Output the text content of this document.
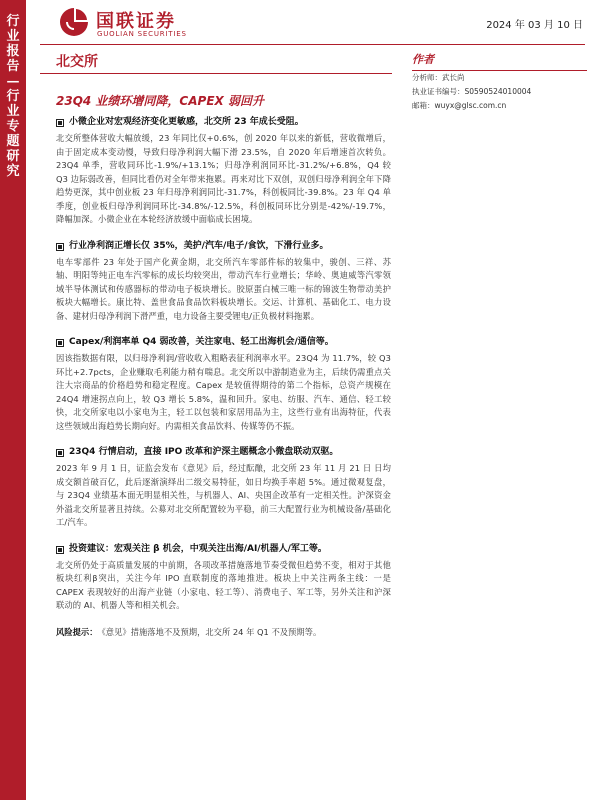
行业报告—行业专题研究
国联证券
GUOLIAN SECURITIES
2024 年 03 月 10 日
北交所
23Q4 业绩环增同降，CAPEX 弱回升
作者
分析师：武长尚
执业证书编号：S0590524010004
邮箱：wuyx@glsc.com.cn
小微企业对宏观经济变化更敏感，北交所 23 年成长受阻。
北交所整体营收大幅放缓，23 年同比仅+0.6%，创 2020 年以来的新低，营收微增后，由于固定成本变动慢，导致归母净利润大幅下滑 23.5%，自 2020 年后增速首次转负。23Q4 单季，营收同环比-1.9%/+13.1%；归母净利润同环比-31.2%/+6.8%，Q4 较 Q3 边际弱改善，但同比看仍对全年带来拖累。再来对比下双创，双创归母净利润全年下降趋势更深，其中创业板 23 年归母净利润同比-31.7%，科创板同比-39.8%。23 年 Q4 单季度，创业板归母净利润同环比-34.8%/-12.5%，科创板同环比分别是-42%/-19.7%，降幅加深。小微企业在本轮经济放缓中面临成长困境。
行业净利润正增长仅 35%，美护/汽车/电子/食饮，下滑行业多。
电车零部件 23 年处于国产化黄金期，北交所汽车零部件标的较集中，骏创、三祥、苏轴、明阳等纯正电车汽零标的成长均较突出，带动汽车行业增长；华岭、奥迪威等汽零领域半导体测试和传感器标的带动电子板块增长。胶原蛋白械三唯一标的锦波生物带动美护板块大幅增长。康比特、盖世食品食品饮料板块增长。交运、计算机、基础化工、电力设备、建材归母净利润下滑严重，电力设备主要受锂电/正负极材料拖累。
Capex/利润率单 Q4 弱改善，关注家电、轻工出海机会/通信等。
因该指数据有限，以归母净利润/营收收入粗略表征利润率水平。23Q4 为 11.7%，较 Q3 环比+2.7pcts，企业赚取毛利能力稍有喘息。北交所以中游制造业为主，后续仍需重点关注大宗商品的价格趋势和稳定程度。Capex 是较值得期待的第二个指标，总资产规模在 24Q4 增速拐点向上，较 Q3 增长 5.8%，温和回升。家电、纺服、汽车、通信、轻工较快，北交所家电以小家电为主，轻工以包装和家居用品为主，这些行业有出海特征，代表这些领域出海趋势长期向好。内需相关食品饮料、传媒等仍不振。
23Q4 行情启动，直接 IPO 改革和沪深主题概念小微盘联动双驱。
2023 年 9 月 1 日，证监会发布《意见》后，经过酝酿，北交所 23 年 11 月 21 日 日均成交额首破百亿，此后逐渐演绎出二级交易特征，如日均换手率超 5%。通过微观复盘，与 23Q4 业绩基本面无明显相关性，与机器人、AI、央国企改革有一定相关性。沪深资金外溢北交所显著且持续。公募对北交所配置较为平稳，前三大配置行业为机械设备/基础化工/汽车。
投资建议：宏观关注 β 机会，中观关注出海/AI/机器人/军工等。
北交所仍处于高质量发展的中前期，各项改革措施落地节奏受微但趋势不变，相对于其他板块红利β突出，关注今年 IPO 直联制度的落地推进。板块上中关注两条主线：一是 CAPEX 表现较好的出海产业链（小家电、轻工等）、消费电子、军工等，另外关注和沪深联动的 AI、机器人等和相关机会。
风险提示： 《意见》措施落地不及预期，北交所 24 年 Q1 不及预期等。
